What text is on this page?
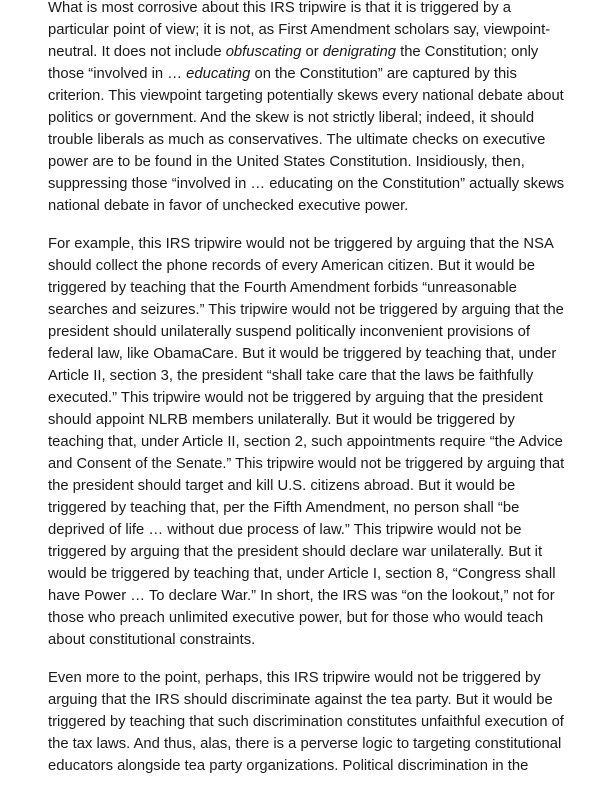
What is most corrosive about this IRS tripwire is that it is triggered by a
particular point of view; it is not, as First Amendment scholars say, viewpoint-
neutral. It does not include obfuscating or denigrating the Constitution; only
those “involved in … educating on the Constitution” are captured by this
criterion. This viewpoint targeting potentially skews every national debate about
politics or government. And the skew is not strictly liberal; indeed, it should
trouble liberals as much as conservatives. The ultimate checks on executive
power are to be found in the United States Constitution. Insidiously, then,
suppressing those “involved in … educating on the Constitution” actually skews
national debate in favor of unchecked executive power.

For example, this IRS tripwire would not be triggered by arguing that the NSA
should collect the phone records of every American citizen. But it would be
triggered by teaching that the Fourth Amendment forbids “unreasonable
searches and seizures.” This tripwire would not be triggered by arguing that the
president should unilaterally suspend politically inconvenient provisions of
federal law, like ObamaCare. But it would be triggered by teaching that, under
Article II, section 3, the president “shall take care that the laws be faithfully
executed.” This tripwire would not be triggered by arguing that the president
should appoint NLRB members unilaterally. But it would be triggered by
teaching that, under Article II, section 2, such appointments require “the Advice
and Consent of the Senate.” This tripwire would not be triggered by arguing that
the president should target and kill U.S. citizens abroad. But it would be
triggered by teaching that, per the Fifth Amendment, no person shall “be
deprived of life … without due process of law.” This tripwire would not be
triggered by arguing that the president should declare war unilaterally. But it
would be triggered by teaching that, under Article I, section 8, “Congress shall
have Power … To declare War.” In short, the IRS was “on the lookout,” not for
those who preach unlimited executive power, but for those who would teach
about constitutional constraints.

Even more to the point, perhaps, this IRS tripwire would not be triggered by
arguing that the IRS should discriminate against the tea party. But it would be
triggered by teaching that such discrimination constitutes unfaithful execution of
the tax laws. And thus, alas, there is a perverse logic to targeting constitutional
educators alongside tea party organizations. Political discrimination in the
